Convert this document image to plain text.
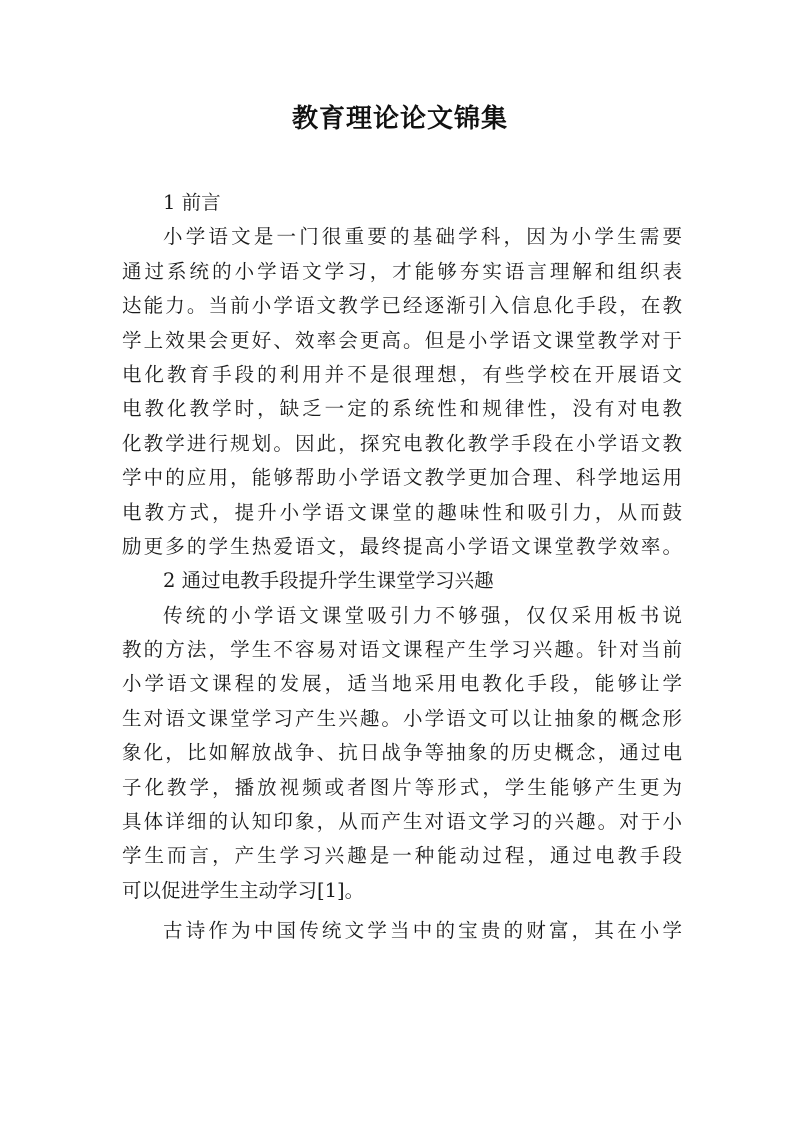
教育理论论文锦集
1 前言
小学语文是一门很重要的基础学科，因为小学生需要
通过系统的小学语文学习，才能够夯实语言理解和组织表
达能力。当前小学语文教学已经逐渐引入信息化手段，在教
学上效果会更好、效率会更高。但是小学语文课堂教学对于
电化教育手段的利用并不是很理想，有些学校在开展语文
电教化教学时，缺乏一定的系统性和规律性，没有对电教
化教学进行规划。因此，探究电教化教学手段在小学语文教
学中的应用，能够帮助小学语文教学更加合理、科学地运用
电教方式，提升小学语文课堂的趣味性和吸引力，从而鼓
励更多的学生热爱语文，最终提高小学语文课堂教学效率。
2 通过电教手段提升学生课堂学习兴趣
传统的小学语文课堂吸引力不够强，仅仅采用板书说
教的方法，学生不容易对语文课程产生学习兴趣。针对当前
小学语文课程的发展，适当地采用电教化手段，能够让学
生对语文课堂学习产生兴趣。小学语文可以让抽象的概念形
象化，比如解放战争、抗日战争等抽象的历史概念，通过电
子化教学，播放视频或者图片等形式，学生能够产生更为
具体详细的认知印象，从而产生对语文学习的兴趣。对于小
学生而言，产生学习兴趣是一种能动过程，通过电教手段
可以促进学生主动学习[1]。
古诗作为中国传统文学当中的宝贵的财富，其在小学
